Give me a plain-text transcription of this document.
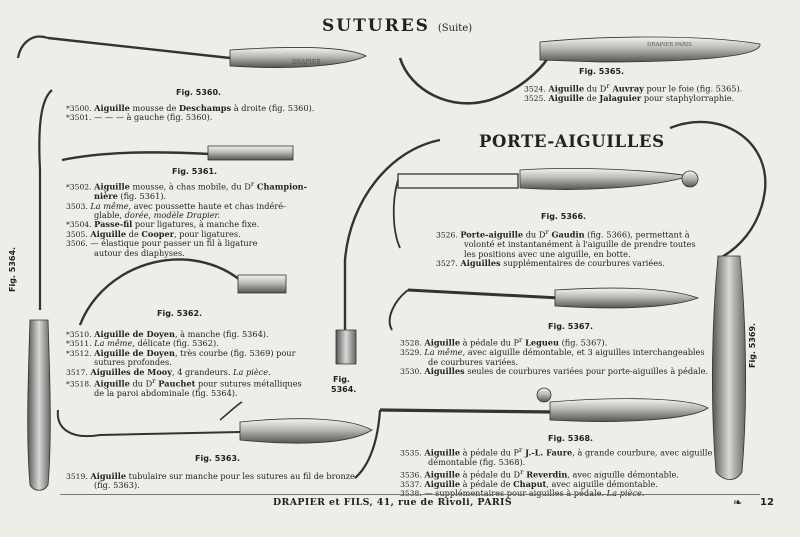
DRAPIER
DRAPIER PARIS
SUTURES (Suite)
PORTE-AIGUILLES
Fig. 5360.
Fig. 5361.
Fig. 5362.
Fig. 5363.
Fig.
5364.
Fig. 5365.
Fig. 5366.
Fig. 5367.
Fig. 5368.
Fig. 5364.
Fig. 5369.
*3500. Aiguille mousse de Deschamps à droite (fig. 5360).
*3501. — — — à gauche (fig. 5360).
*3502. Aiguille mousse, à chas mobile, du $D^r$ Champion-
nière (fig. 5361).
3503. La même, avec poussette haute et chas indéré-
glable, dorée, modèle Drapier.
*3504. Passe-fil pour ligatures, à manche fixe.
3505. Aiguille de Cooper, pour ligatures.
3506. — élastique pour passer un fil à ligature
autour des diaphyses.
*3510. Aiguille de Doyen, à manche (fig. 5364).
*3511. La même, délicate (fig. 5362).
*3512. Aiguille de Doyen, très courbe (fig. 5369) pour
sutures profondes.
3517. Aiguilles de Mooy, 4 grandeurs. La pièce.
*3518. Aiguille du $D^r$ Pauchet pour sutures métalliques
de la paroi abdominale (fig. 5364).
3519. Aiguille tubulaire sur manche pour les sutures au fil de bronze
(fig. 5363).
3524. Aiguille du $D^r$ Auvray pour le foie (fig. 5365).
3525. Aiguille de Jalaguier pour staphylorraphie.
3526. Porte-aiguille du $D^r$ Gaudin (fig. 5366), permettant à
volonté et instantanément à l'aiguille de prendre toutes
les positions avec une aiguille, en botte.
3527. Aiguilles supplémentaires de courbures variées.
3528. Aiguille à pédale du $P^r$ Legueu (fig. 5367).
3529. La même, avec aiguille démontable, et 3 aiguilles interchangeables
de courbures variées.
3530. Aiguilles seules de courbures variées pour porte-aiguilles à pédale.
3535. Aiguille à pédale du $P^r$ J.-L. Faure, à grande courbure, avec aiguille
démontable (fig. 5368).
3536. Aiguille à pédale du $D^r$ Reverdin, avec aiguille démontable.
3537. Aiguille à pédale de Chaput, avec aiguille démontable.
DRAPIER et FILS, 41, rue de Rivoli, PARIS	❧ 12
